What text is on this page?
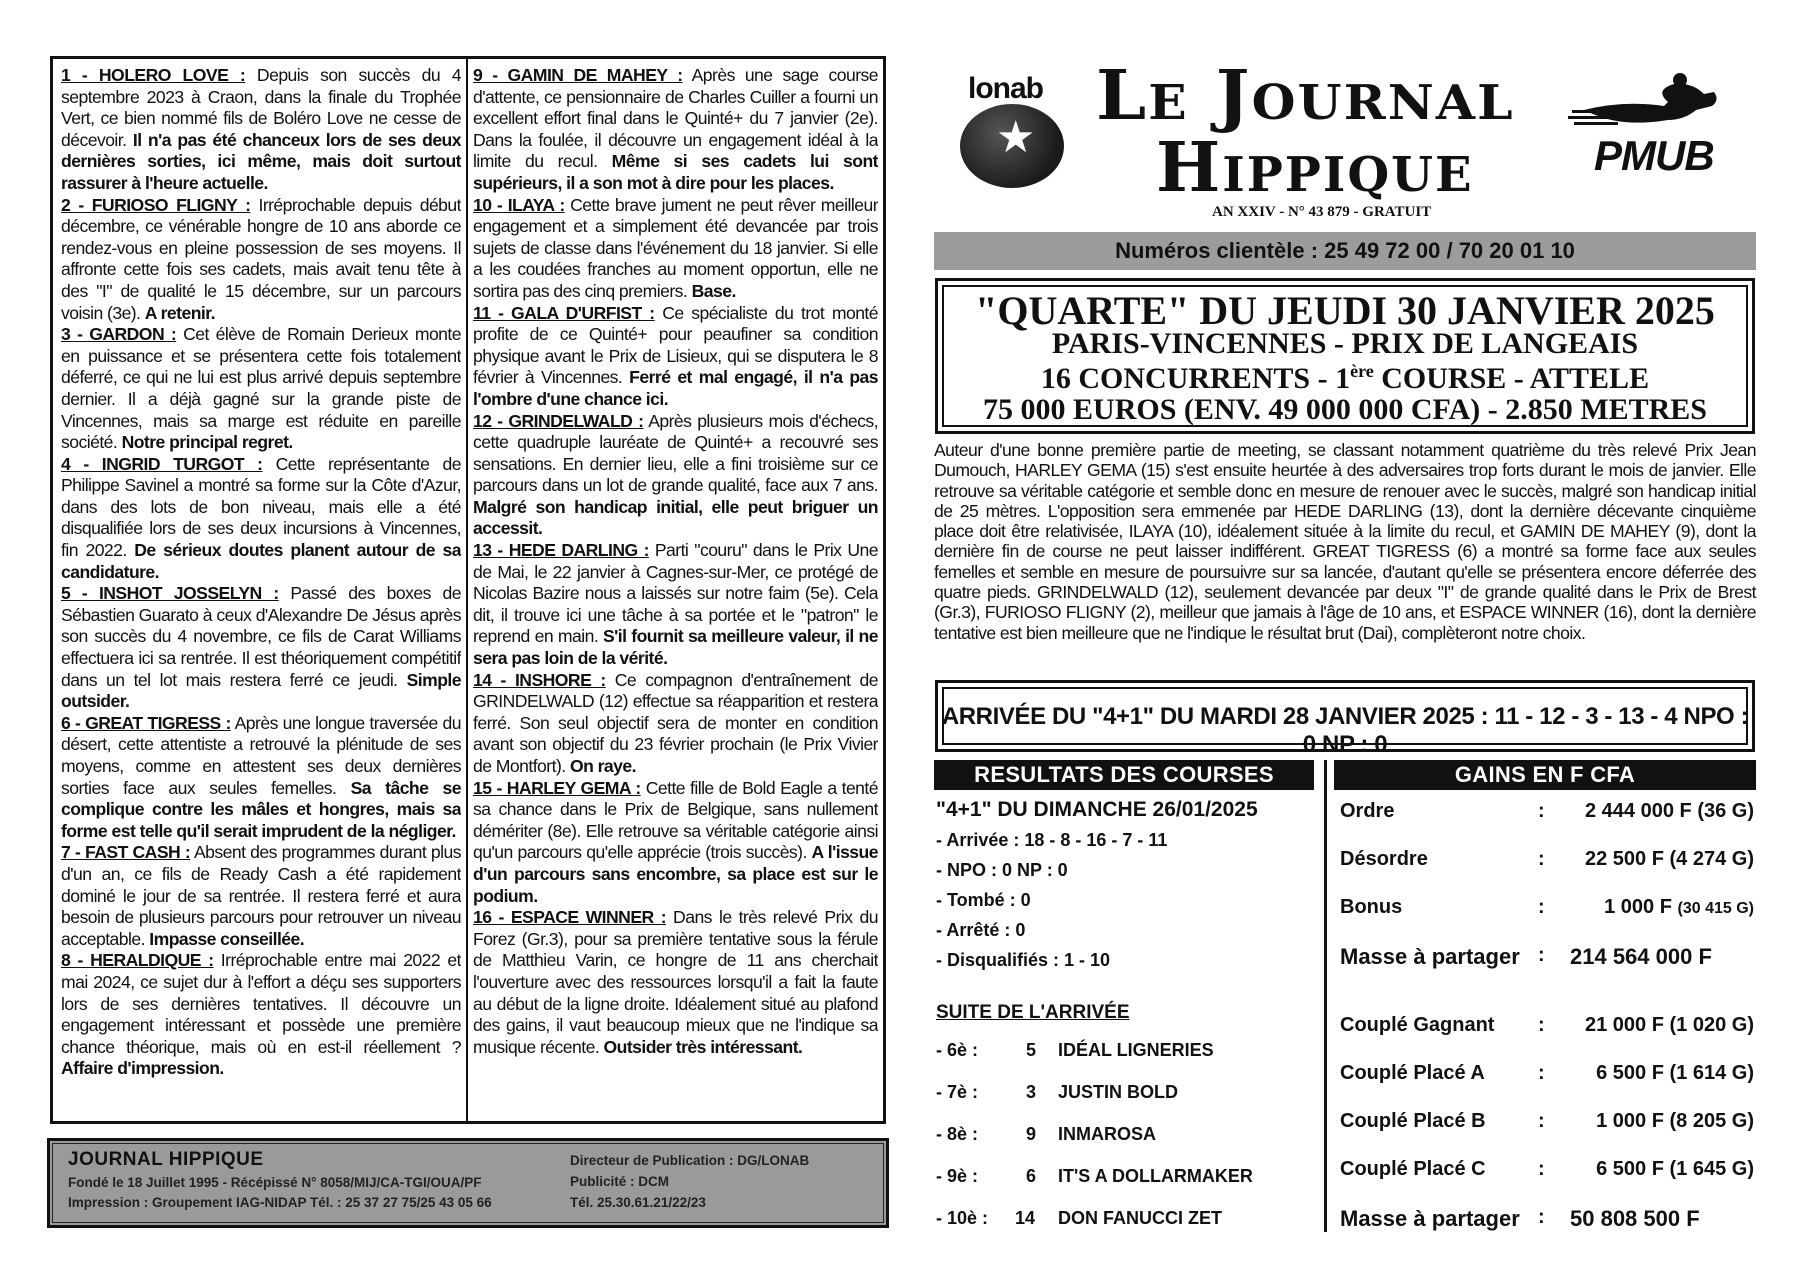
1 - HOLERO LOVE : Depuis son succès du 4 septembre 2023 à Craon, dans la finale du Trophée Vert, ce bien nommé fils de Boléro Love ne cesse de décevoir. Il n'a pas été chanceux lors de ses deux dernières sorties, ici même, mais doit surtout rassurer à l'heure actuelle.

2 - FURIOSO FLIGNY : Irréprochable depuis début décembre, ce vénérable hongre de 10 ans aborde ce rendez-vous en pleine possession de ses moyens. Il affronte cette fois ses cadets, mais avait tenu tête à des "I" de qualité le 15 décembre, sur un parcours voisin (3e). A retenir.

3 - GARDON : Cet élève de Romain Derieux monte en puissance et se présentera cette fois totalement déferré, ce qui ne lui est plus arrivé depuis septembre dernier. Il a déjà gagné sur la grande piste de Vincennes, mais sa marge est réduite en pareille société. Notre principal regret.

4 - INGRID TURGOT : Cette représentante de Philippe Savinel a montré sa forme sur la Côte d'Azur, dans des lots de bon niveau, mais elle a été disqualifiée lors de ses deux incursions à Vincennes, fin 2022. De sérieux doutes planent autour de sa candidature.

5 - INSHOT JOSSELYN : Passé des boxes de Sébastien Guarato à ceux d'Alexandre De Jésus après son succès du 4 novembre, ce fils de Carat Williams effectuera ici sa rentrée. Il est théoriquement compétitif dans un tel lot mais restera ferré ce jeudi. Simple outsider.

6 - GREAT TIGRESS : Après une longue traversée du désert, cette attentiste a retrouvé la plénitude de ses moyens, comme en attestent ses deux dernières sorties face aux seules femelles. Sa tâche se complique contre les mâles et hongres, mais sa forme est telle qu'il serait imprudent de la négliger.

7 - FAST CASH : Absent des programmes durant plus d'un an, ce fils de Ready Cash a été rapidement dominé le jour de sa rentrée. Il restera ferré et aura besoin de plusieurs parcours pour retrouver un niveau acceptable. Impasse conseillée.

8 - HERALDIQUE : Irréprochable entre mai 2022 et mai 2024, ce sujet dur à l'effort a déçu ses supporters lors de ses dernières tentatives. Il découvre un engagement intéressant et possède une première chance théorique, mais où en est-il réellement ? Affaire d'impression.

9 - GAMIN DE MAHEY : Après une sage course d'attente, ce pensionnaire de Charles Cuiller a fourni un excellent effort final dans le Quinté+ du 7 janvier (2e). Dans la foulée, il découvre un engagement idéal à la limite du recul. Même si ses cadets lui sont supérieurs, il a son mot à dire pour les places.

10 - ILAYA : Cette brave jument ne peut rêver meilleur engagement et a simplement été devancée par trois sujets de classe dans l'événement du 18 janvier. Si elle a les coudées franches au moment opportun, elle ne sortira pas des cinq premiers. Base.

11 - GALA D'URFIST : Ce spécialiste du trot monté profite de ce Quinté+ pour peaufiner sa condition physique avant le Prix de Lisieux, qui se disputera le 8 février à Vincennes. Ferré et mal engagé, il n'a pas l'ombre d'une chance ici.

12 - GRINDELWALD : Après plusieurs mois d'échecs, cette quadruple lauréate de Quinté+ a recouvré ses sensations. En dernier lieu, elle a fini troisième sur ce parcours dans un lot de grande qualité, face aux 7 ans. Malgré son handicap initial, elle peut briguer un accessit.

13 - HEDE DARLING : Parti "couru" dans le Prix Une de Mai, le 22 janvier à Cagnes-sur-Mer, ce protégé de Nicolas Bazire nous a laissés sur notre faim (5e). Cela dit, il trouve ici une tâche à sa portée et le "patron" le reprend en main. S'il fournit sa meilleure valeur, il ne sera pas loin de la vérité.

14 - INSHORE : Ce compagnon d'entraînement de GRINDELWALD (12) effectue sa réapparition et restera ferré. Son seul objectif sera de monter en condition avant son objectif du 23 février prochain (le Prix Vivier de Montfort). On raye.

15 - HARLEY GEMA : Cette fille de Bold Eagle a tenté sa chance dans le Prix de Belgique, sans nullement démériter (8e). Elle retrouve sa véritable catégorie ainsi qu'un parcours qu'elle apprécie (trois succès). A l'issue d'un parcours sans encombre, sa place est sur le podium.

16 - ESPACE WINNER : Dans le très relevé Prix du Forez (Gr.3), pour sa première tentative sous la férule de Matthieu Varin, ce hongre de 11 ans cherchait l'ouverture avec des ressources lorsqu'il a fait la faute au début de la ligne droite. Idéalement situé au plafond des gains, il vaut beaucoup mieux que ne l'indique sa musique récente. Outsider très intéressant.

JOURNAL HIPPIQUE
Fondé le 18 Juillet 1995 - Récépissé N° 8058/MIJ/CA-TGI/OUA/PF
Impression : Groupement IAG-NIDAP Tél. : 25 37 27 75/25 43 05 66
Directeur de Publication : DG/LONAB
Publicité : DCM
Tél. 25.30.61.21/22/23
★
lonab Le Journal
Hippique
AN XXIV - N° 43 879 - GRATUIT
PMUB
Numéros clientèle : 25 49 72 00 / 70 20 01 10
"QUARTE" DU JEUDI 30 JANVIER 2025
PARIS-VINCENNES - PRIX DE LANGEAIS
16 CONCURRENTS - 1ère COURSE - ATTELE
75 000 EUROS (ENV. 49 000 000 CFA) - 2.850 METRES
Auteur d'une bonne première partie de meeting, se classant notamment quatrième du très relevé Prix Jean Dumouch, HARLEY GEMA (15) s'est ensuite heurtée à des adversaires trop forts durant le mois de janvier. Elle retrouve sa véritable catégorie et semble donc en mesure de renouer avec le succès, malgré son handicap initial de 25 mètres. L'opposition sera emmenée par HEDE DARLING (13), dont la dernière décevante cinquième place doit être relativisée, ILAYA (10), idéalement située à la limite du recul, et GAMIN DE MAHEY (9), dont la dernière fin de course ne peut laisser indifférent. GREAT TIGRESS (6) a montré sa forme face aux seules femelles et semble en mesure de poursuivre sur sa lancée, d'autant qu'elle se présentera encore déferrée des quatre pieds. GRINDELWALD (12), seulement devancée par deux "I" de grande qualité dans le Prix de Brest (Gr.3), FURIOSO FLIGNY (2), meilleur que jamais à l'âge de 10 ans, et ESPACE WINNER (16), dont la dernière tentative est bien meilleure que ne l'indique le résultat brut (Dai), complèteront notre choix.
ARRIVÉE DU "4+1" DU MARDI 28 JANVIER 2025 : 11 - 12 - 3 - 13 - 4 NPO : 0 NP : 0
RESULTATS DES COURSES	GAINS EN F CFA
"4+1" DU DIMANCHE 26/01/2025
- Arrivée : 18 - 8 - 16 - 7 - 11
- NPO : 0 NP : 0
- Tombé : 0
- Arrêté : 0
- Disqualifiés : 1 - 10
SUITE DE L'ARRIVÉE
- 6è :	5 IDÉAL LIGNERIES
- 7è :	3 JUSTIN BOLD
- 8è :	9 INMAROSA
- 9è :	6 IT'S A DOLLARMAKER
- 10è : 14 DON FANUCCI ZET
Ordre	: 2 444 000 F (36 G)
Désordre	: 22 500 F (4 274 G)
Bonus	:	1 000 F (30 415 G)
Masse à partager : 214 564 000 F
Couplé Gagnant : 21 000 F (1 020 G)
Couplé Placé A	:	6 500 F (1 614 G)
Couplé Placé B	:	1 000 F (8 205 G)
Couplé Placé C	:	6 500 F (1 645 G)
Masse à partager : 50 808 500 F
